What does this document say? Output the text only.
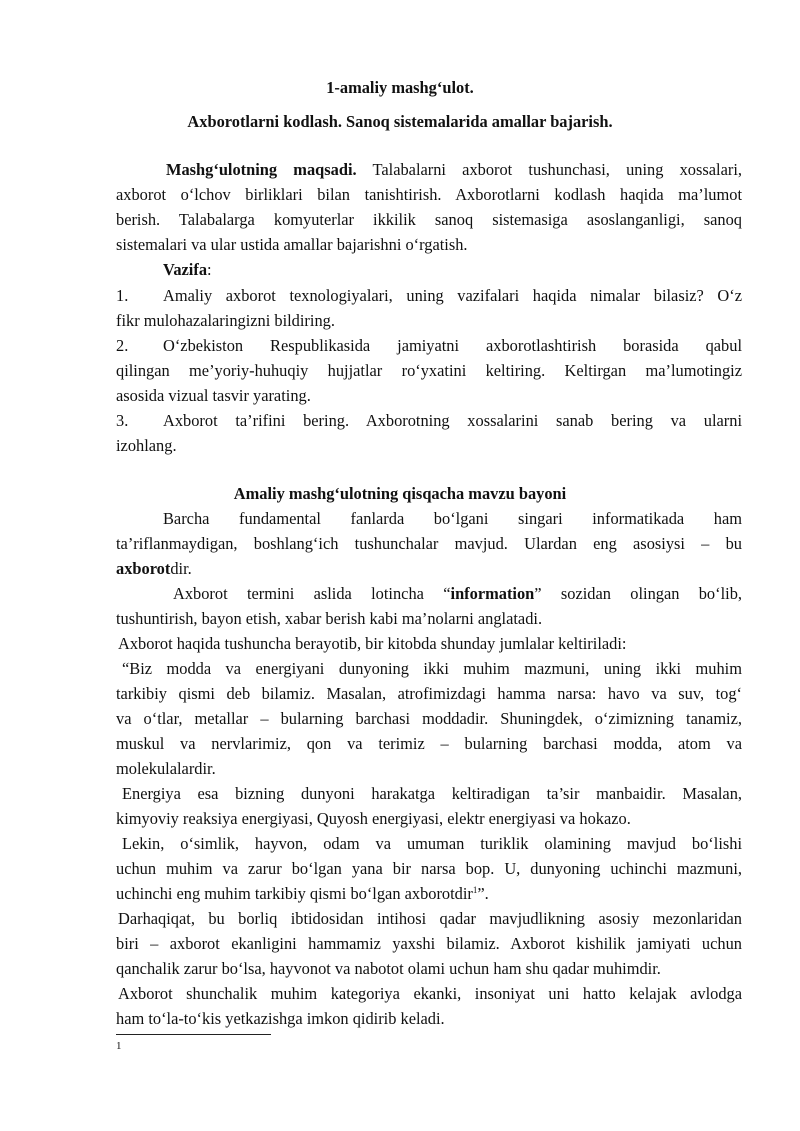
1-amaliy mashg‘ulot.
Axborotlarni kodlash. Sanoq sistemalarida amallar bajarish.
Mashg‘ulotning maqsadi. Talabalarni axborot tushunchasi, uning xossalari,
axborot o‘lchov birliklari bilan tanishtirish. Axborotlarni kodlash haqida ma’lumot
berish. Talabalarga komyuterlar ikkilik sanoq sistemasiga asoslanganligi, sanoq
sistemalari va ular ustida amallar bajarishni o‘rgatish.
Vazifa:
1. Amaliy axborot texnologiyalari, uning vazifalari haqida nimalar bilasiz? O‘z
fikr mulohazalaringizni bildiring.
2. O‘zbekiston Respublikasida jamiyatni axborotlashtirish borasida qabul
qilingan me’yoriy-huhuqiy hujjatlar ro‘yxatini keltiring. Keltirgan ma’lumotingiz
asosida vizual tasvir yarating.
3. Axborot ta’rifini bering. Axborotning xossalarini sanab bering va ularni
izohlang.
Amaliy mashg‘ulotning qisqacha mavzu bayoni
Barcha fundamental fanlarda bo‘lgani singari informatikada ham
ta’riflanmaydigan, boshlang‘ich tushunchalar mavjud. Ulardan eng asosiysi – bu
axborotdir.
Axborot termini aslida lotincha “information” sozidan olingan bo‘lib,
tushuntirish, bayon etish, xabar berish kabi ma’nolarni anglatadi.
Axborot haqida tushuncha berayotib, bir kitobda shunday jumlalar keltiriladi:
“Biz modda va energiyani dunyoning ikki muhim mazmuni, uning ikki muhim
tarkibiy qismi deb bilamiz. Masalan, atrofimizdagi hamma narsa: havo va suv, tog‘
va o‘tlar, metallar – bularning barchasi moddadir. Shuningdek, o‘zimizning tanamiz,
muskul va nervlarimiz, qon va terimiz – bularning barchasi modda, atom va
molekulalardir.
Energiya esa bizning dunyoni harakatga keltiradigan ta’sir manbaidir. Masalan,
kimyoviy reaksiya energiyasi, Quyosh energiyasi, elektr energiyasi va hokazo.
Lekin, o‘simlik, hayvon, odam va umuman turiklik olamining mavjud bo‘lishi
uchun muhim va zarur bo‘lgan yana bir narsa bop. U, dunyoning uchinchi mazmuni,
uchinchi eng muhim tarkibiy qismi bo‘lgan axborotdir$^1$”.
Darhaqiqat, bu borliq ibtidosidan intihosi qadar mavjudlikning asosiy mezonlaridan
biri – axborot ekanligini hammamiz yaxshi bilamiz. Axborot kishilik jamiyati uchun
qanchalik zarur bo‘lsa, hayvonot va nabotot olami uchun ham shu qadar muhimdir.
Axborot shunchalik muhim kategoriya ekanki, insoniyat uni hatto kelajak avlodga
ham to‘la-to‘kis yetkazishga imkon qidirib keladi.
1
